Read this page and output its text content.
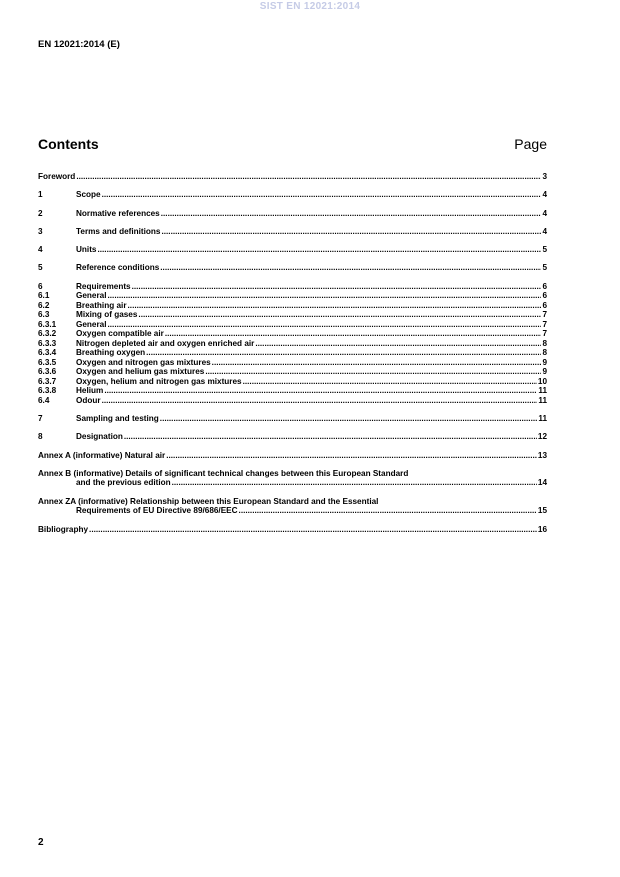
SIST EN 12021:2014
EN 12021:2014 (E)
Contents	Page
Foreword .....	3
1	Scope .....	4
2	Normative references .....	4
3	Terms and definitions .....	4
4	Units .....	5
5	Reference conditions .....	5
6	Requirements .....	6
6.1	General .....	6
6.2	Breathing air .....	6
6.3	Mixing of gases .....	7
6.3.1	General .....	7
6.3.2	Oxygen compatible air .....	7
6.3.3	Nitrogen depleted air and oxygen enriched air .....	8
6.3.4	Breathing oxygen .....	8
6.3.5	Oxygen and nitrogen gas mixtures .....	9
6.3.6	Oxygen and helium gas mixtures .....	9
6.3.7	Oxygen, helium and nitrogen gas mixtures .....	10
6.3.8	Helium .....	11
6.4	Odour .....	11
7	Sampling and testing .....	11
8	Designation .....	12
Annex A (informative) Natural air .....	13
Annex B (informative) Details of significant technical changes between this European Standard
and the previous edition .....	14
Annex ZA (informative) Relationship between this European Standard and the Essential
Requirements of EU Directive 89/686/EEC .....	15
Bibliography .....	16
2
